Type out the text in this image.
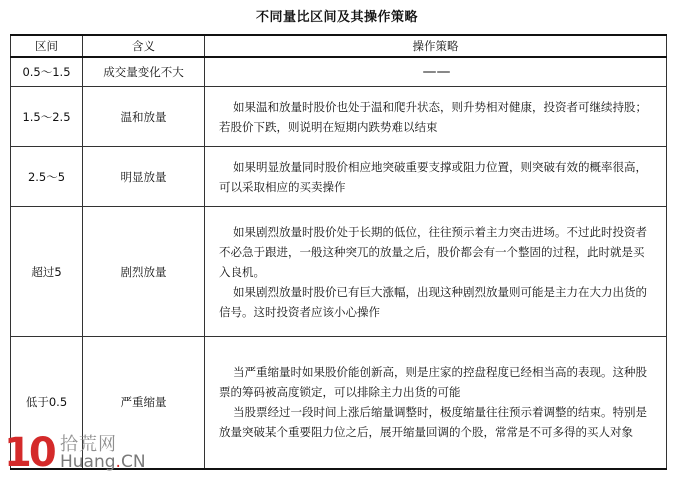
不同量比区间及其操作策略
区间	含义	操作策略
0.5～1.5	成交量变化不大	——

1.5～2.5	温和放量	如果温和放量时股价也处于温和爬升状态，则升势相对健康，投资者可继续持股；若股价下跌，则说明在短期内跌势难以结束

2.5～5	明显放量	如果明显放量同时股价相应地突破重要支撑或阻力位置，则突破有效的概率很高，可以采取相应的买卖操作

超过5	剧烈放量	如果剧烈放量时股价处于长期的低位，往往预示着主力突击进场。不过此时投资者不必急于跟进，一般这种突兀的放量之后，股价都会有一个整固的过程，此时就是买入良机。

如果剧烈放量时股价已有巨大涨幅，出现这种剧烈放量则可能是主力在大力出货的信号。这时投资者应该小心操作

低于0.5	严重缩量	当严重缩量时如果股价能创新高，则是庄家的控盘程度已经相当高的表现。这种股票的筹码被高度锁定，可以排除主力出货的可能

当股票经过一段时间上涨后缩量调整时，极度缩量往往预示着调整的结束。特别是放量突破某个重要阻力位之后，展开缩量回调的个股，常常是不可多得的买人对象

10 拾荒网
Huang.CN
